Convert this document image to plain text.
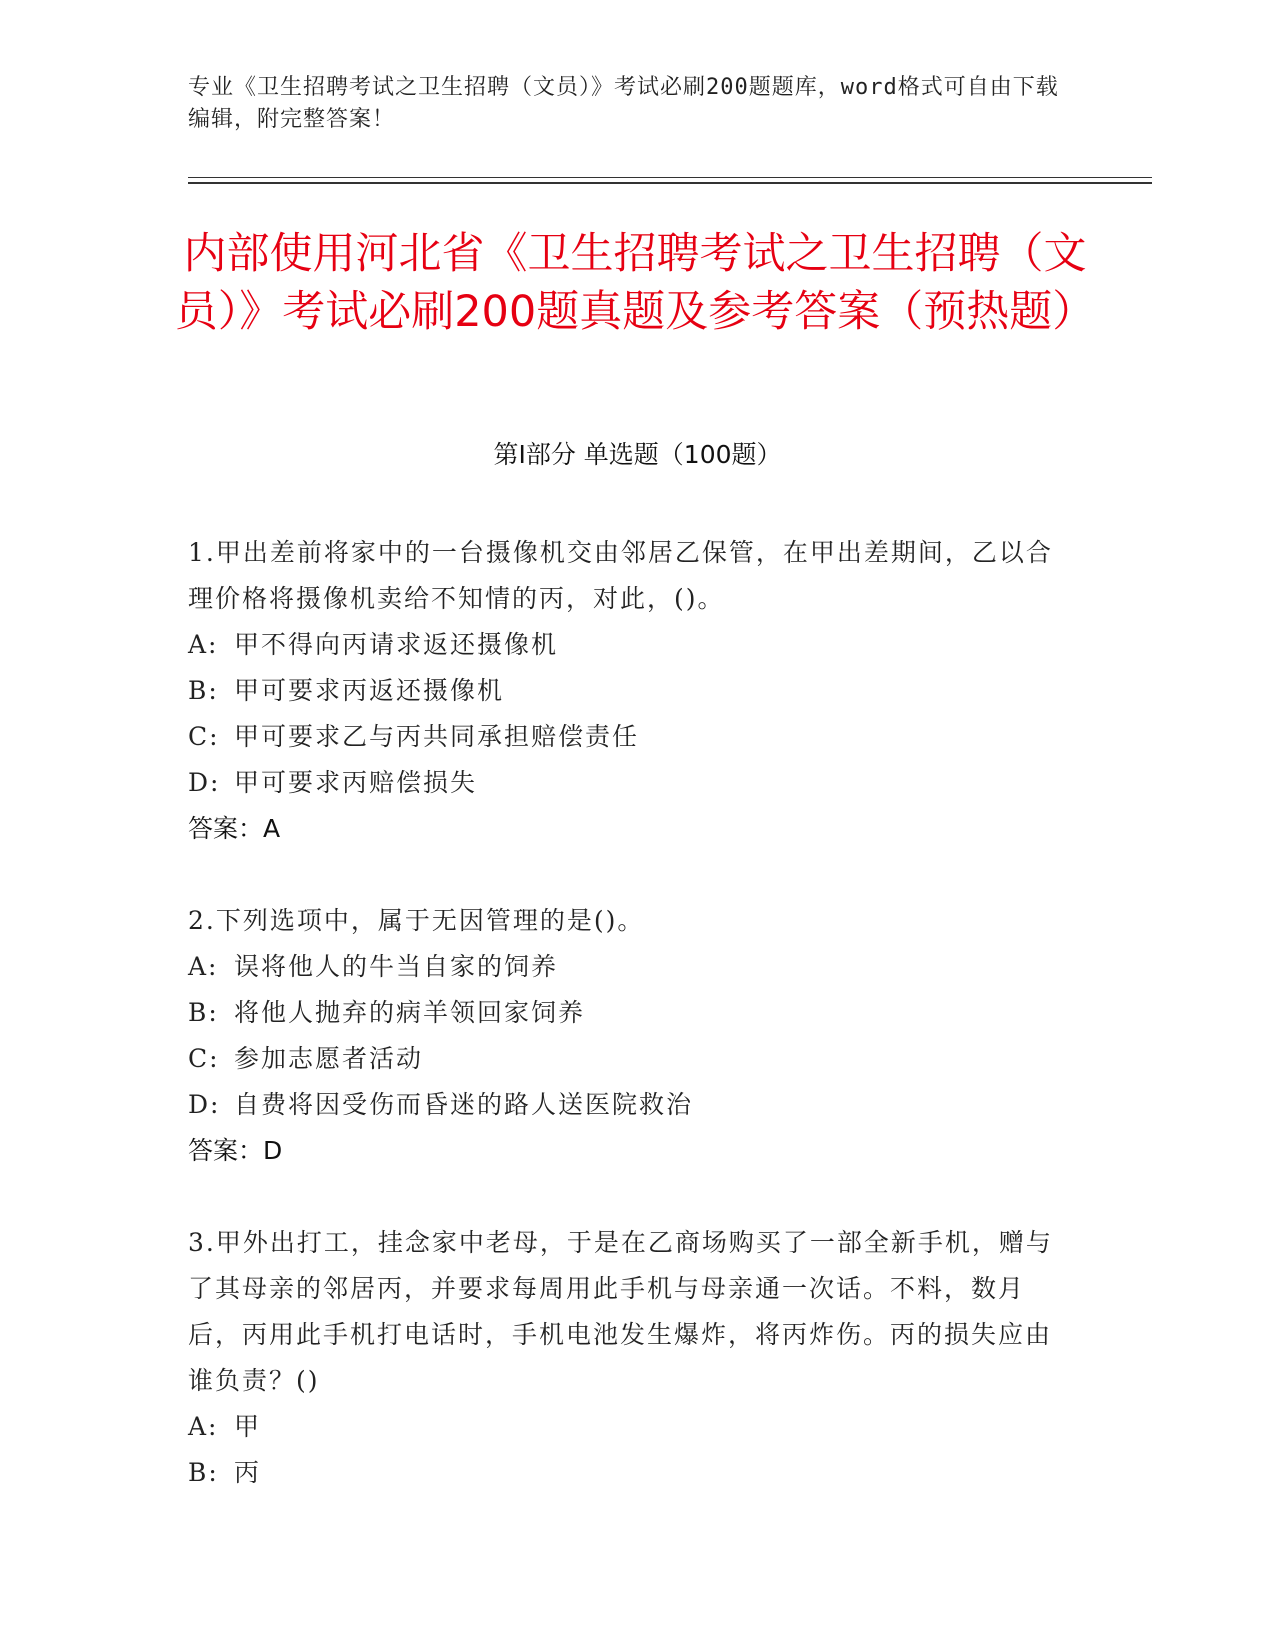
专业《卫生招聘考试之卫生招聘（文员）》考试必刷200题题库，word格式可自由下载编辑，附完整答案！
内部使用河北省《卫生招聘考试之卫生招聘（文员）》考试必刷200题真题及参考答案（预热题）
第Ⅰ部分 单选题（100题）
1.甲出差前将家中的一台摄像机交由邻居乙保管，在甲出差期间，乙以合理价格将摄像机卖给不知情的丙，对此，()。
A: 甲不得向丙请求返还摄像机
B: 甲可要求丙返还摄像机
C: 甲可要求乙与丙共同承担赔偿责任
D: 甲可要求丙赔偿损失
答案：A
2.下列选项中，属于无因管理的是()。
A: 误将他人的牛当自家的饲养
B: 将他人抛弃的病羊领回家饲养
C: 参加志愿者活动
D: 自费将因受伤而昏迷的路人送医院救治
答案：D
3.甲外出打工，挂念家中老母，于是在乙商场购买了一部全新手机，赠与了其母亲的邻居丙，并要求每周用此手机与母亲通一次话。不料，数月后，丙用此手机打电话时，手机电池发生爆炸，将丙炸伤。丙的损失应由谁负责？()
A: 甲
B: 丙
